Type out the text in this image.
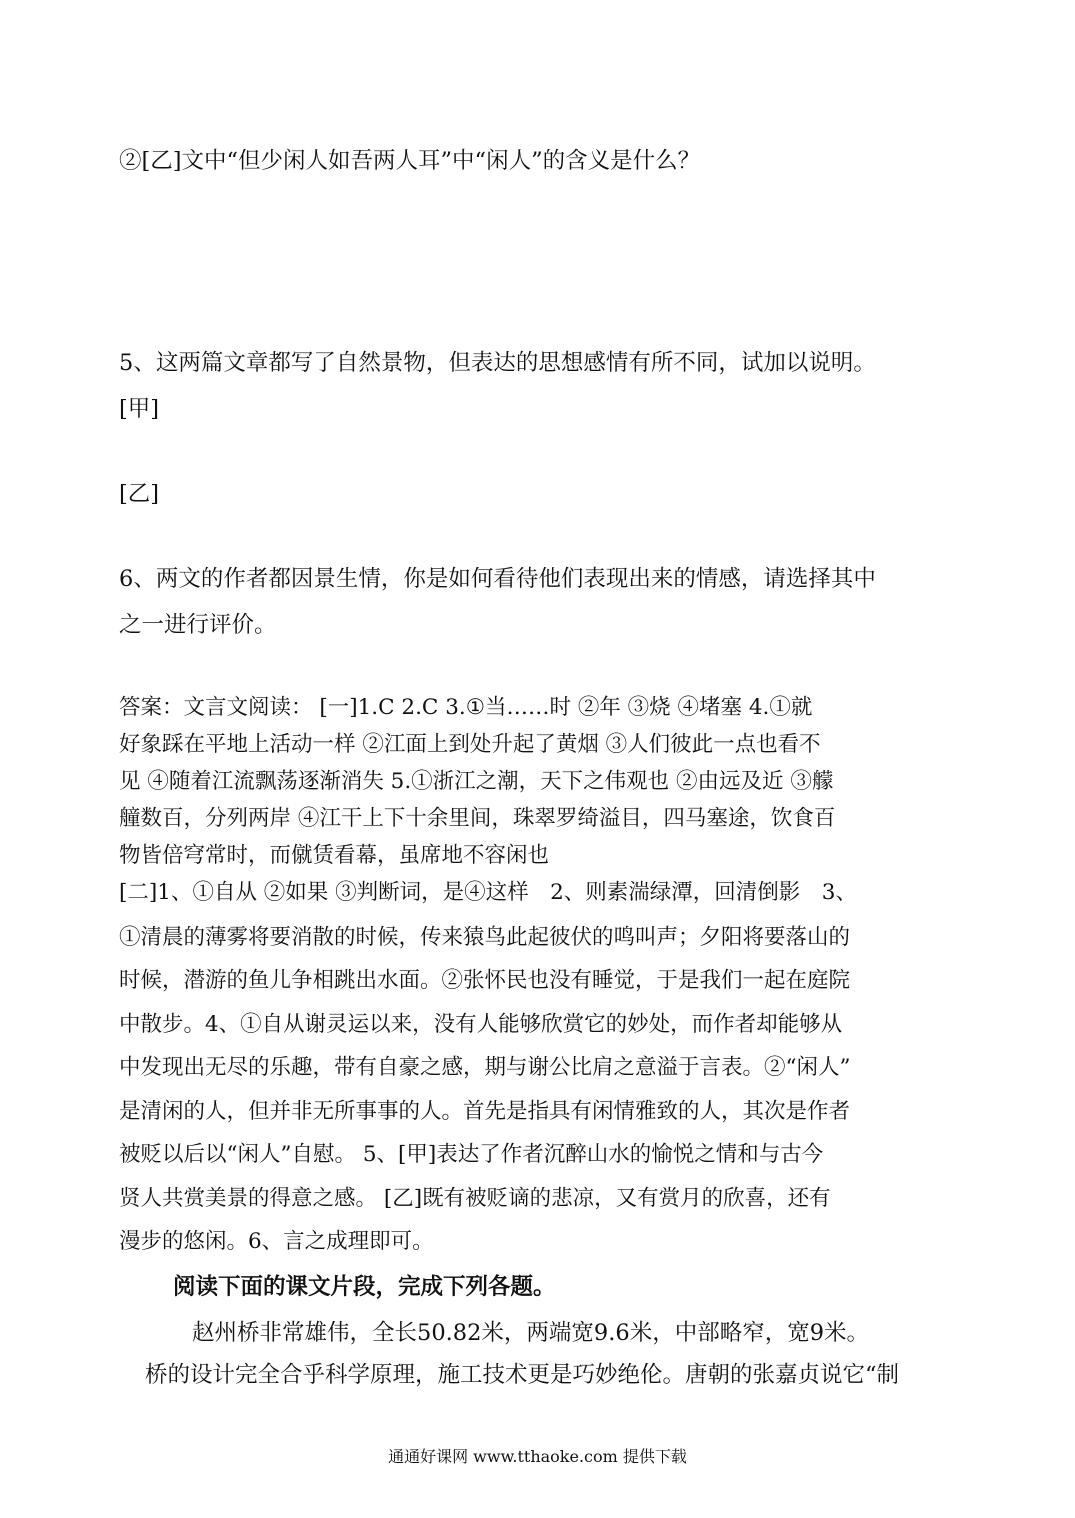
②[乙]文中“但少闲人如吾两人耳”中“闲人”的含义是什么？
5、这两篇文章都写了自然景物，但表达的思想感情有所不同，试加以说明。
[甲]
[乙]
6、两文的作者都因景生情，你是如何看待他们表现出来的情感，请选择其中
之一进行评价。
答案：文言文阅读： [一]1.C 2.C 3.①当……时 ②年 ③烧 ④堵塞 4.①就
好象踩在平地上活动一样 ②江面上到处升起了黄烟 ③人们彼此一点也看不
见 ④随着江流飘荡逐渐消失 5.①浙江之潮，天下之伟观也 ②由远及近 ③艨
艟数百，分列两岸 ④江干上下十余里间，珠翠罗绮溢目，四马塞途，饮食百
物皆倍穹常时，而僦赁看幕，虽席地不容闲也
[二]1、①自从 ②如果 ③判断词，是④这样　2、则素湍绿潭，回清倒影　3、
①清晨的薄雾将要消散的时候，传来猿鸟此起彼伏的鸣叫声；夕阳将要落山的
时候，潜游的鱼儿争相跳出水面。②张怀民也没有睡觉，于是我们一起在庭院
中散步。4、①自从谢灵运以来，没有人能够欣赏它的妙处，而作者却能够从
中发现出无尽的乐趣，带有自豪之感，期与谢公比肩之意溢于言表。②“闲人”
是清闲的人，但并非无所事事的人。首先是指具有闲情雅致的人，其次是作者
被贬以后以“闲人”自慰。 5、[甲]表达了作者沉醉山水的愉悦之情和与古今
贤人共赏美景的得意之感。 [乙]既有被贬谪的悲凉，又有赏月的欣喜，还有
漫步的悠闲。6、言之成理即可。
阅读下面的课文片段，完成下列各题。
赵州桥非常雄伟，全长50.82米，两端宽9.6米，中部略窄，宽9米。
桥的设计完全合乎科学原理，施工技术更是巧妙绝伦。唐朝的张嘉贞说它“制
通通好课网 www.tthaoke.com 提供下载
